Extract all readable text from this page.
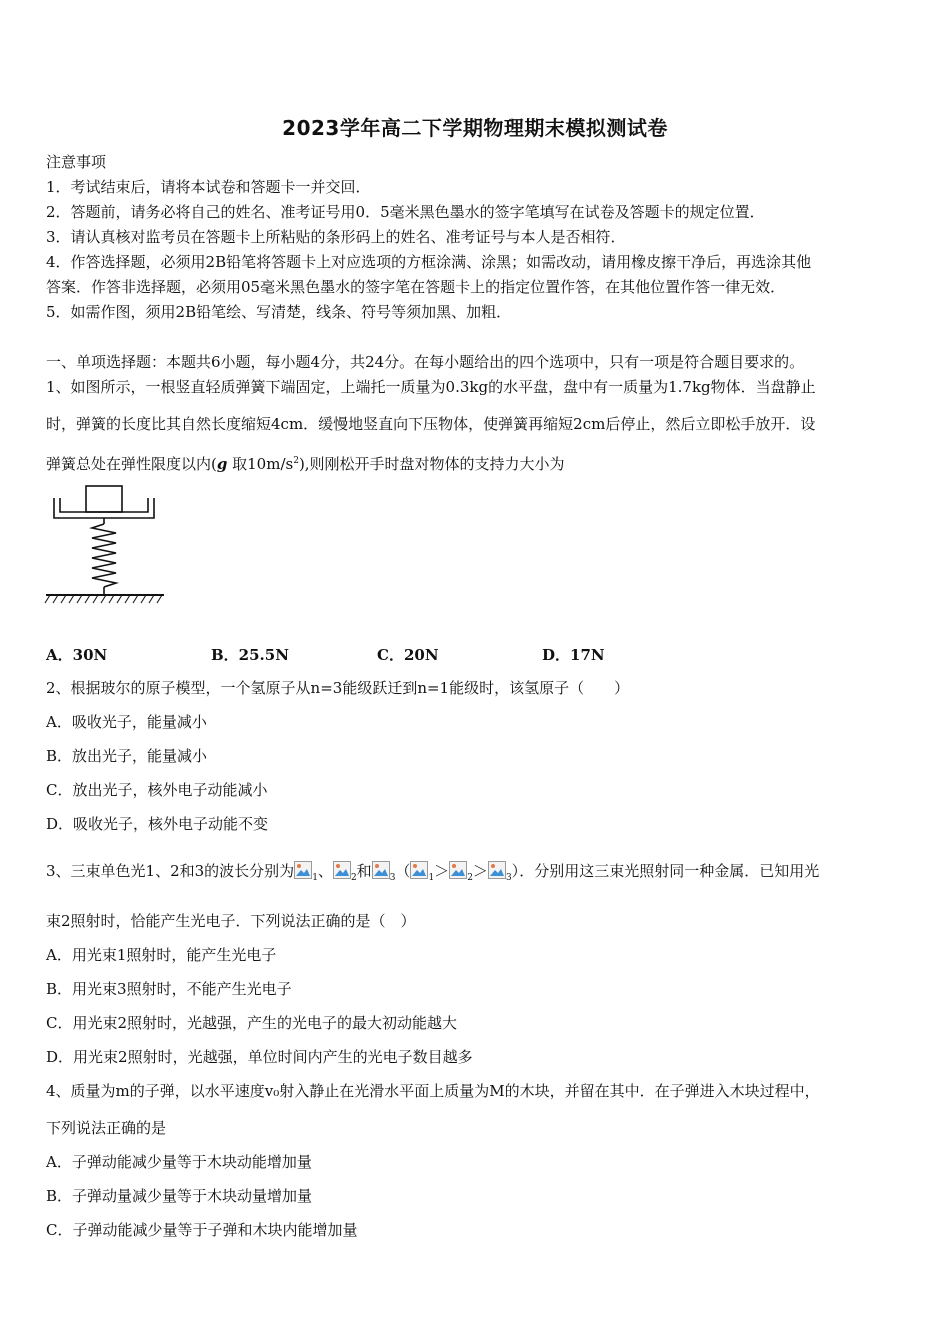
2023学年高二下学期物理期末模拟测试卷
注意事项
1．考试结束后，请将本试卷和答题卡一并交回．
2．答题前，请务必将自己的姓名、准考证号用0．5毫米黑色墨水的签字笔填写在试卷及答题卡的规定位置．
3．请认真核对监考员在答题卡上所粘贴的条形码上的姓名、准考证号与本人是否相符．
4．作答选择题，必须用2B铅笔将答题卡上对应选项的方框涂满、涂黑；如需改动，请用橡皮擦干净后，再选涂其他
答案．作答非选择题，必须用05毫米黑色墨水的签字笔在答题卡上的指定位置作答，在其他位置作答一律无效．
5．如需作图，须用2B铅笔绘、写清楚，线条、符号等须加黑、加粗．
一、单项选择题：本题共6小题，每小题4分，共24分。在每小题给出的四个选项中，只有一项是符合题目要求的。
1、如图所示，一根竖直轻质弹簧下端固定，上端托一质量为0.3kg的水平盘，盘中有一质量为1.7kg物体．当盘静止
时，弹簧的长度比其自然长度缩短4cm．缓慢地竖直向下压物体，使弹簧再缩短2cm后停止，然后立即松手放开．设
弹簧总处在弹性限度以内(g 取$10m/s^2$),则刚松开手时盘对物体的支持力大小为
A．30N	B．25.5N	C．20N	D．17N
2、根据玻尔的原子模型，一个氢原子从n=3能级跃迁到n=1能级时，该氢原子（　　）
A．吸收光子，能量减小
B．放出光子，能量减小
C．放出光子，核外电子动能减小
D．吸收光子，核外电子动能不变
3、三束单色光1、2和3的波长分别为 $_1$、 $_2$和 $_3$（ $_1$＞ $_2$＞ $_3$）．分别用这三束光照射同一种金属．已知用光
束2照射时，恰能产生光电子．下列说法正确的是（　）
A．用光束1照射时，能产生光电子
B．用光束3照射时，不能产生光电子
C．用光束2照射时，光越强，产生的光电子的最大初动能越大
D．用光束2照射时，光越强，单位时间内产生的光电子数目越多
4、质量为m的子弹，以水平速度v₀射入静止在光滑水平面上质量为M的木块，并留在其中．在子弹进入木块过程中，
下列说法正确的是
A．子弹动能减少量等于木块动能增加量
B．子弹动量减少量等于木块动量增加量
C．子弹动能减少量等于子弹和木块内能增加量
